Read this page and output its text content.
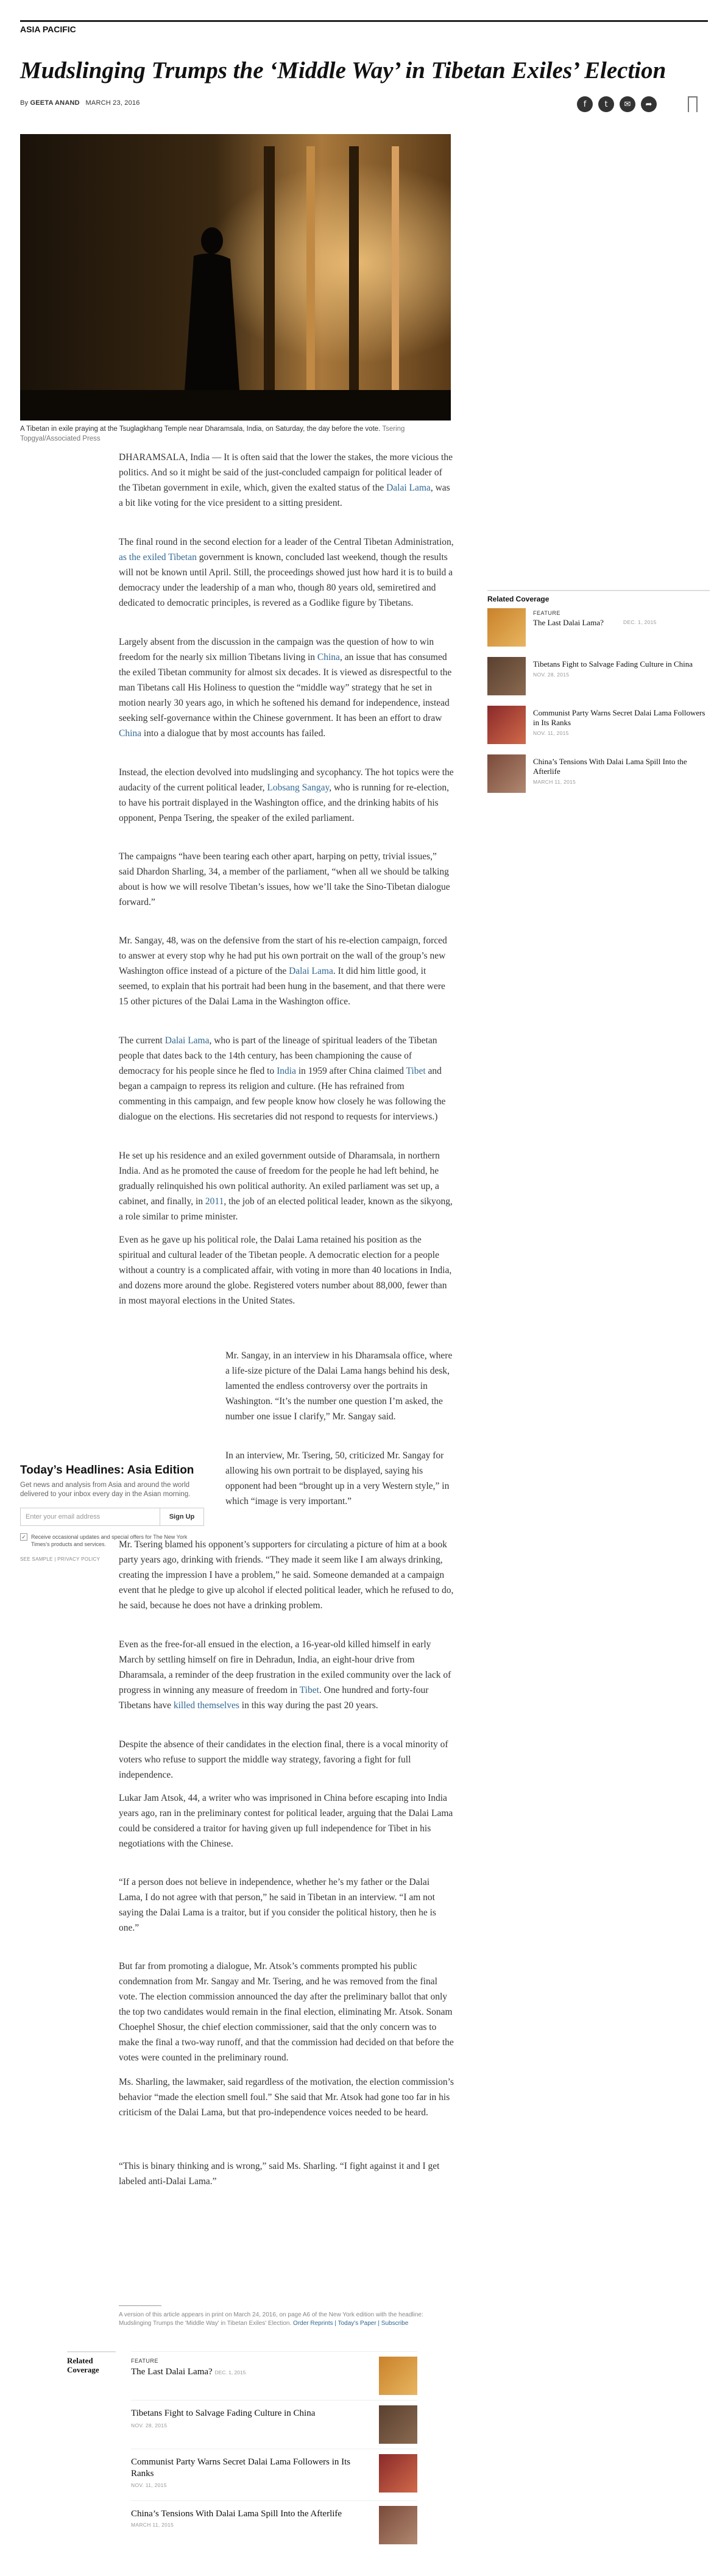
ASIA PACIFIC
Mudslinging Trumps the ‘Middle Way’ in Tibetan Exiles’ Election
By GEETA ANAND MARCH 23, 2016	f	t	✉	➦
A Tibetan in exile praying at the Tsuglagkhang Temple near Dharamsala, India, on Saturday, the day before the vote. Tsering Topgyal/Associated Press

DHARAMSALA, India — It is often said that the lower the stakes, the more vicious the politics. And so it might be said of the just-concluded campaign for political leader of the Tibetan government in exile, which, given the exalted status of the Dalai Lama, was a bit like voting for the vice president to a sitting president.

The final round in the second election for a leader of the Central Tibetan Administration, as the exiled Tibetan government is known, concluded last weekend, though the results will not be known until April. Still, the proceedings showed just how hard it is to build a democracy under the leadership of a man who, though 80 years old, semiretired and dedicated to democratic principles, is revered as a Godlike figure by Tibetans.

Largely absent from the discussion in the campaign was the question of how to win freedom for the nearly six million Tibetans living in China, an issue that has consumed the exiled Tibetan community for almost six decades. It is viewed as disrespectful to the man Tibetans call His Holiness to question the “middle way” strategy that he set in motion nearly 30 years ago, in which he softened his demand for independence, instead seeking self-governance within the Chinese government. It has been an effort to draw China into a dialogue that by most accounts has failed.

Instead, the election devolved into mudslinging and sycophancy. The hot topics were the audacity of the current political leader, Lobsang Sangay, who is running for re-election, to have his portrait displayed in the Washington office, and the drinking habits of his opponent, Penpa Tsering, the speaker of the exiled parliament.

The campaigns “have been tearing each other apart, harping on petty, trivial issues,” said Dhardon Sharling, 34, a member of the parliament, “when all we should be talking about is how we will resolve Tibetan’s issues, how we’ll take the Sino-Tibetan dialogue forward.”

Mr. Sangay, 48, was on the defensive from the start of his re-election campaign, forced to answer at every stop why he had put his own portrait on the wall of the group’s new Washington office instead of a picture of the Dalai Lama. It did him little good, it seemed, to explain that his portrait had been hung in the basement, and that there were 15 other pictures of the Dalai Lama in the Washington office.

The current Dalai Lama, who is part of the lineage of spiritual leaders of the Tibetan people that dates back to the 14th century, has been championing the cause of democracy for his people since he fled to India in 1959 after China claimed Tibet and began a campaign to repress its religion and culture. (He has refrained from commenting in this campaign, and few people know how closely he was following the dialogue on the elections. His secretaries did not respond to requests for interviews.)

He set up his residence and an exiled government outside of Dharamsala, in northern India. And as he promoted the cause of freedom for the people he had left behind, he gradually relinquished his own political authority. An exiled parliament was set up, a cabinet, and finally, in 2011, the job of an elected political leader, known as the sikyong, a role similar to prime minister.

Even as he gave up his political role, the Dalai Lama retained his position as the spiritual and cultural leader of the Tibetan people. A democratic election for a people without a country is a complicated affair, with voting in more than 40 locations in India, and dozens more around the globe. Registered voters number about 88,000, fewer than in most mayoral elections in the United States.

Mr. Sangay, in an interview in his Dharamsala office, where a life-size picture of the Dalai Lama hangs behind his desk, lamented the endless controversy over the portraits in Washington. “It’s the number one question I’m asked, the number one issue I clarify,” Mr. Sangay said.

In an interview, Mr. Tsering, 50, criticized Mr. Sangay for allowing his own portrait to be displayed, saying his opponent had been “brought up in a very Western style,” in which “image is very important.”

Mr. Tsering blamed his opponent’s supporters for circulating a picture of him at a book party years ago, drinking with friends. “They made it seem like I am always drinking, creating the impression I have a problem,” he said. Someone demanded at a campaign event that he pledge to give up alcohol if elected political leader, which he refused to do, he said, because he does not have a drinking problem.

Even as the free-for-all ensued in the election, a 16-year-old killed himself in early March by settling himself on fire in Dehradun, India, an eight-hour drive from Dharamsala, a reminder of the deep frustration in the exiled community over the lack of progress in winning any measure of freedom in Tibet. One hundred and forty-four Tibetans have killed themselves in this way during the past 20 years.

Despite the absence of their candidates in the election final, there is a vocal minority of voters who refuse to support the middle way strategy, favoring a fight for full independence.

Lukar Jam Atsok, 44, a writer who was imprisoned in China before escaping into India years ago, ran in the preliminary contest for political leader, arguing that the Dalai Lama could be considered a traitor for having given up full independence for Tibet in his negotiations with the Chinese.

“If a person does not believe in independence, whether he’s my father or the Dalai Lama, I do not agree with that person,” he said in Tibetan in an interview. “I am not saying the Dalai Lama is a traitor, but if you consider the political history, then he is one.”

But far from promoting a dialogue, Mr. Atsok’s comments prompted his public condemnation from Mr. Sangay and Mr. Tsering, and he was removed from the final vote. The election commission announced the day after the preliminary ballot that only the top two candidates would remain in the final election, eliminating Mr. Atsok. Sonam Choephel Shosur, the chief election commissioner, said that the only concern was to make the final a two-way runoff, and that the commission had decided on that before the votes were counted in the preliminary round.

Ms. Sharling, the lawmaker, said regardless of the motivation, the election commission’s behavior “made the election smell foul.” She said that Mr. Atsok had gone too far in his criticism of the Dalai Lama, but that pro-independence voices needed to be heard.

“This is binary thinking and is wrong,” said Ms. Sharling. “I fight against it and I get labeled anti-Dalai Lama.”

Related Coverage
FEATURE
The Last Dalai Lama?	DEC. 1, 2015
Tibetans Fight to Salvage Fading Culture in China
NOV. 28, 2015
Communist Party Warns Secret Dalai Lama Followers in Its Ranks
NOV. 11, 2015
China’s Tensions With Dalai Lama Spill Into the Afterlife
MARCH 11, 2015
Today’s Headlines: Asia Edition
Get news and analysis from Asia and around the world delivered to your inbox every day in the Asian morning.
Enter your email address	Sign Up
✓ Receive occasional updates and special offers for The New York Times’s products and services.
SEE SAMPLE | PRIVACY POLICY
A version of this article appears in print on March 24, 2016, on page A6 of the New York edition with the headline: Mudslinging Trumps the 'Middle Way' in Tibetan Exiles' Election. Order Reprints | Today's Paper | Subscribe
Related Coverage
FEATURE
The Last Dalai Lama? DEC. 1, 2015
Tibetans Fight to Salvage Fading Culture in China
NOV. 28, 2015
Communist Party Warns Secret Dalai Lama Followers in Its Ranks
NOV. 11, 2015
China’s Tensions With Dalai Lama Spill Into the Afterlife
MARCH 11, 2015
